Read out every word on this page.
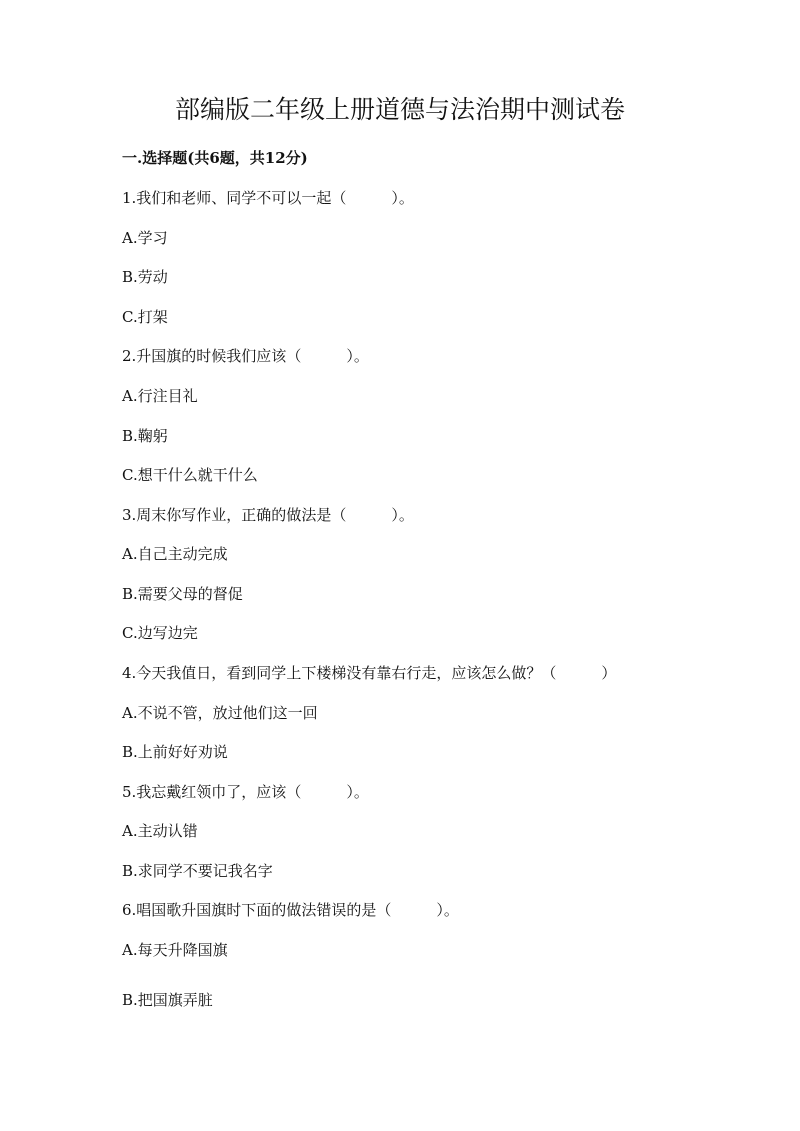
部编版二年级上册道德与法治期中测试卷
一.选择题(共6题，共12分)

1.我们和老师、同学不可以一起（　　　）。

A.学习

B.劳动

C.打架

2.升国旗的时候我们应该（　　　）。

A.行注目礼

B.鞠躬

C.想干什么就干什么

3.周末你写作业，正确的做法是（　　　）。

A.自己主动完成

B.需要父母的督促

C.边写边完

4.今天我值日，看到同学上下楼梯没有靠右行走，应该怎么做？（　　　）

A.不说不管，放过他们这一回

B.上前好好劝说

5.我忘戴红领巾了，应该（　　　）。

A.主动认错

B.求同学不要记我名字

6.唱国歌升国旗时下面的做法错误的是（　　　）。

A.每天升降国旗

B.把国旗弄脏
